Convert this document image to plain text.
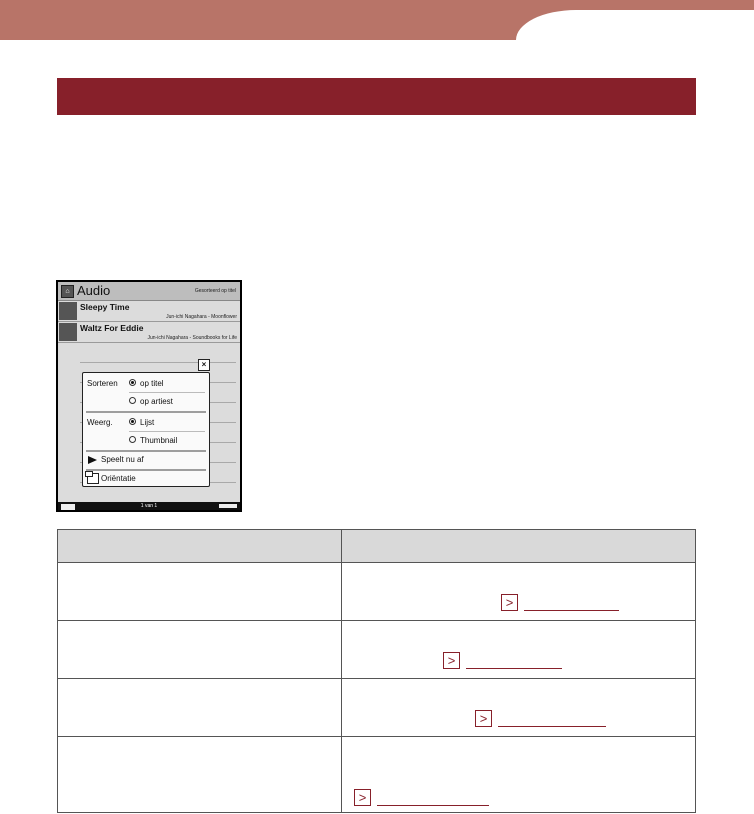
⌂ Audio	Gesorteerd op titel
Sleepy Time
Jun-ichi Nagahara - Moonflower
Waltz For Eddie
Jun-ichi Nagahara - Soundbooks for Life
×
Sorteren	op titel
op artiest
Weerg.	Lijst
Thumbnail
Speelt nu af
Oriëntatie
1 van 1

	>

	>

	>

	>
